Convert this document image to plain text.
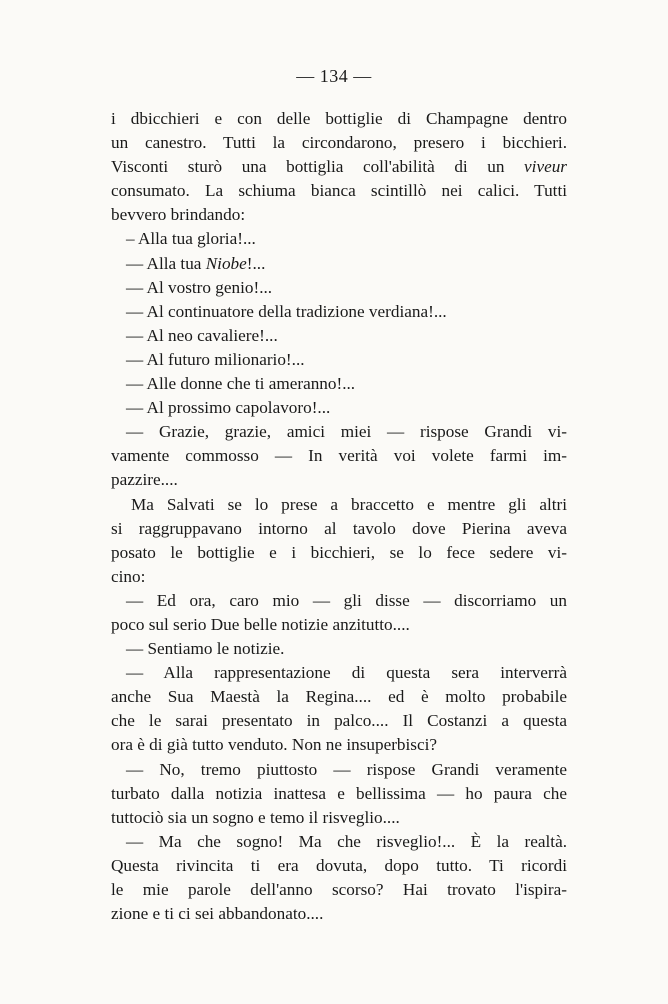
— 134 —
i dbicchieri e con delle bottiglie di Champagne dentro
un canestro. Tutti la circondarono, presero i bicchieri.
Visconti sturò una bottiglia coll'abilità di un viveur
consumato. La schiuma bianca scintillò nei calici. Tutti
bevvero brindando:
– Alla tua gloria!...
— Alla tua Niobe!...
— Al vostro genio!...
— Al continuatore della tradizione verdiana!...
— Al neo cavaliere!...
— Al futuro milionario!...
— Alle donne che ti ameranno!...
— Al prossimo capolavoro!...
— Grazie, grazie, amici miei — rispose Grandi vi-
vamente commosso — In verità voi volete farmi im-
pazzire....
Ma Salvati se lo prese a braccetto e mentre gli altri
si raggruppavano intorno al tavolo dove Pierina aveva
posato le bottiglie e i bicchieri, se lo fece sedere vi-
cino:
— Ed ora, caro mio — gli disse — discorriamo un
poco sul serio Due belle notizie anzitutto....
— Sentiamo le notizie.
— Alla rappresentazione di questa sera interverrà
anche Sua Maestà la Regina.... ed è molto probabile
che le sarai presentato in palco.... Il Costanzi a questa
ora è di già tutto venduto. Non ne insuperbisci?
— No, tremo piuttosto — rispose Grandi veramente
turbato dalla notizia inattesa e bellissima — ho paura che
tuttociò sia un sogno e temo il risveglio....
— Ma che sogno! Ma che risveglio!... È la realtà.
Questa rivincita ti era dovuta, dopo tutto. Ti ricordi
le mie parole dell'anno scorso? Hai trovato l'ispira-
zione e ti ci sei abbandonato....
